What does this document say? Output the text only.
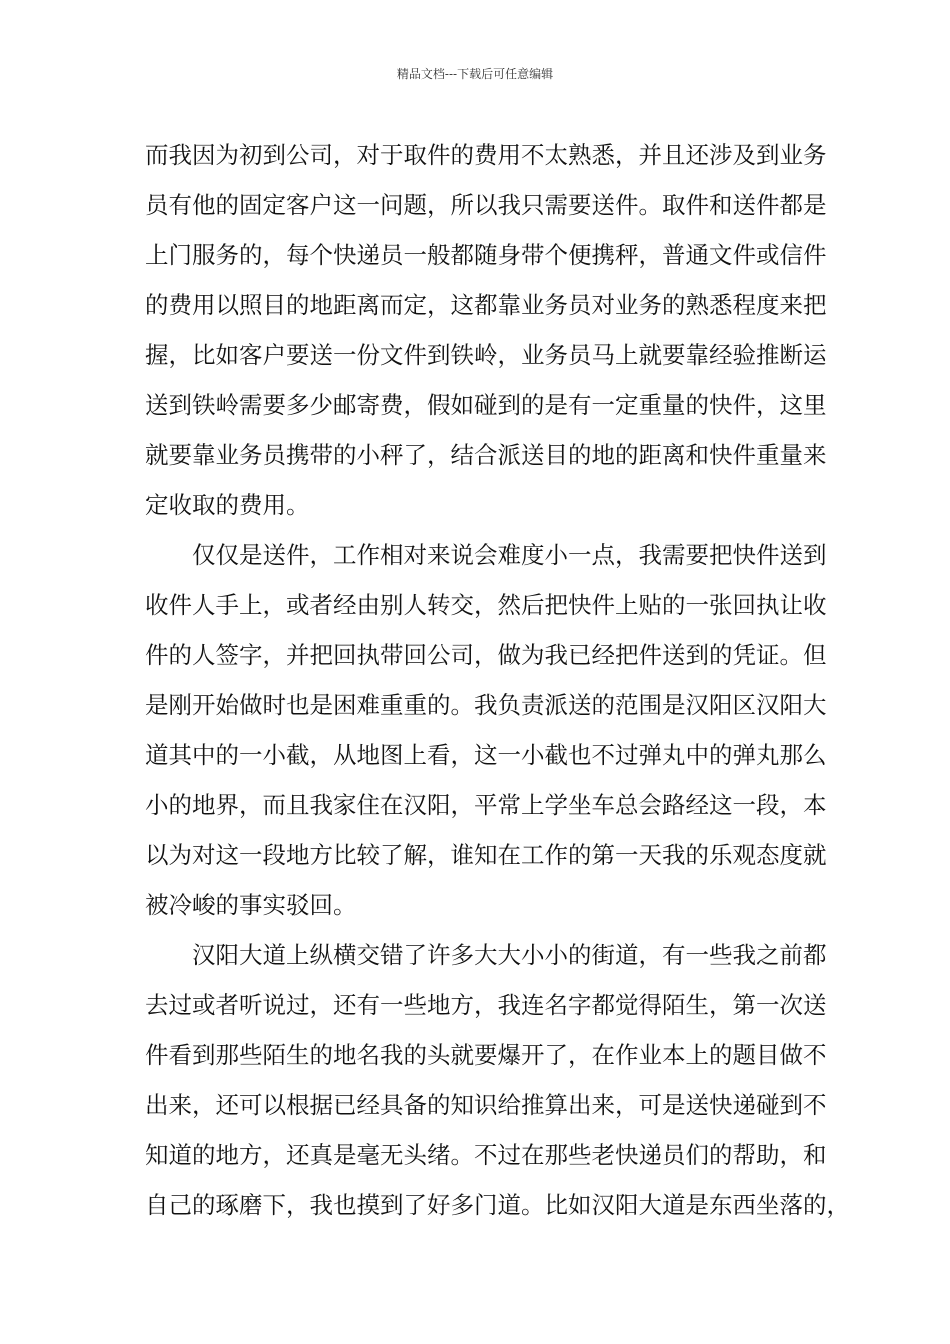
精品文档---下载后可任意编辑
而我因为初到公司，对于取件的费用不太熟悉，并且还涉及到业务
员有他的固定客户这一问题，所以我只需要送件。取件和送件都是
上门服务的，每个快递员一般都随身带个便携秤，普通文件或信件
的费用以照目的地距离而定，这都靠业务员对业务的熟悉程度来把
握，比如客户要送一份文件到铁岭，业务员马上就要靠经验推断运
送到铁岭需要多少邮寄费，假如碰到的是有一定重量的快件，这里
就要靠业务员携带的小秤了，结合派送目的地的距离和快件重量来
定收取的费用。
仅仅是送件，工作相对来说会难度小一点，我需要把快件送到
收件人手上，或者经由别人转交，然后把快件上贴的一张回执让收
件的人签字，并把回执带回公司，做为我已经把件送到的凭证。但
是刚开始做时也是困难重重的。我负责派送的范围是汉阳区汉阳大
道其中的一小截，从地图上看，这一小截也不过弹丸中的弹丸那么
小的地界，而且我家住在汉阳，平常上学坐车总会路经这一段，本
以为对这一段地方比较了解，谁知在工作的第一天我的乐观态度就
被冷峻的事实驳回。
汉阳大道上纵横交错了许多大大小小的街道，有一些我之前都
去过或者听说过，还有一些地方，我连名字都觉得陌生，第一次送
件看到那些陌生的地名我的头就要爆开了，在作业本上的题目做不
出来，还可以根据已经具备的知识给推算出来，可是送快递碰到不
知道的地方，还真是毫无头绪。不过在那些老快递员们的帮助，和
自己的琢磨下，我也摸到了好多门道。比如汉阳大道是东西坐落的，
